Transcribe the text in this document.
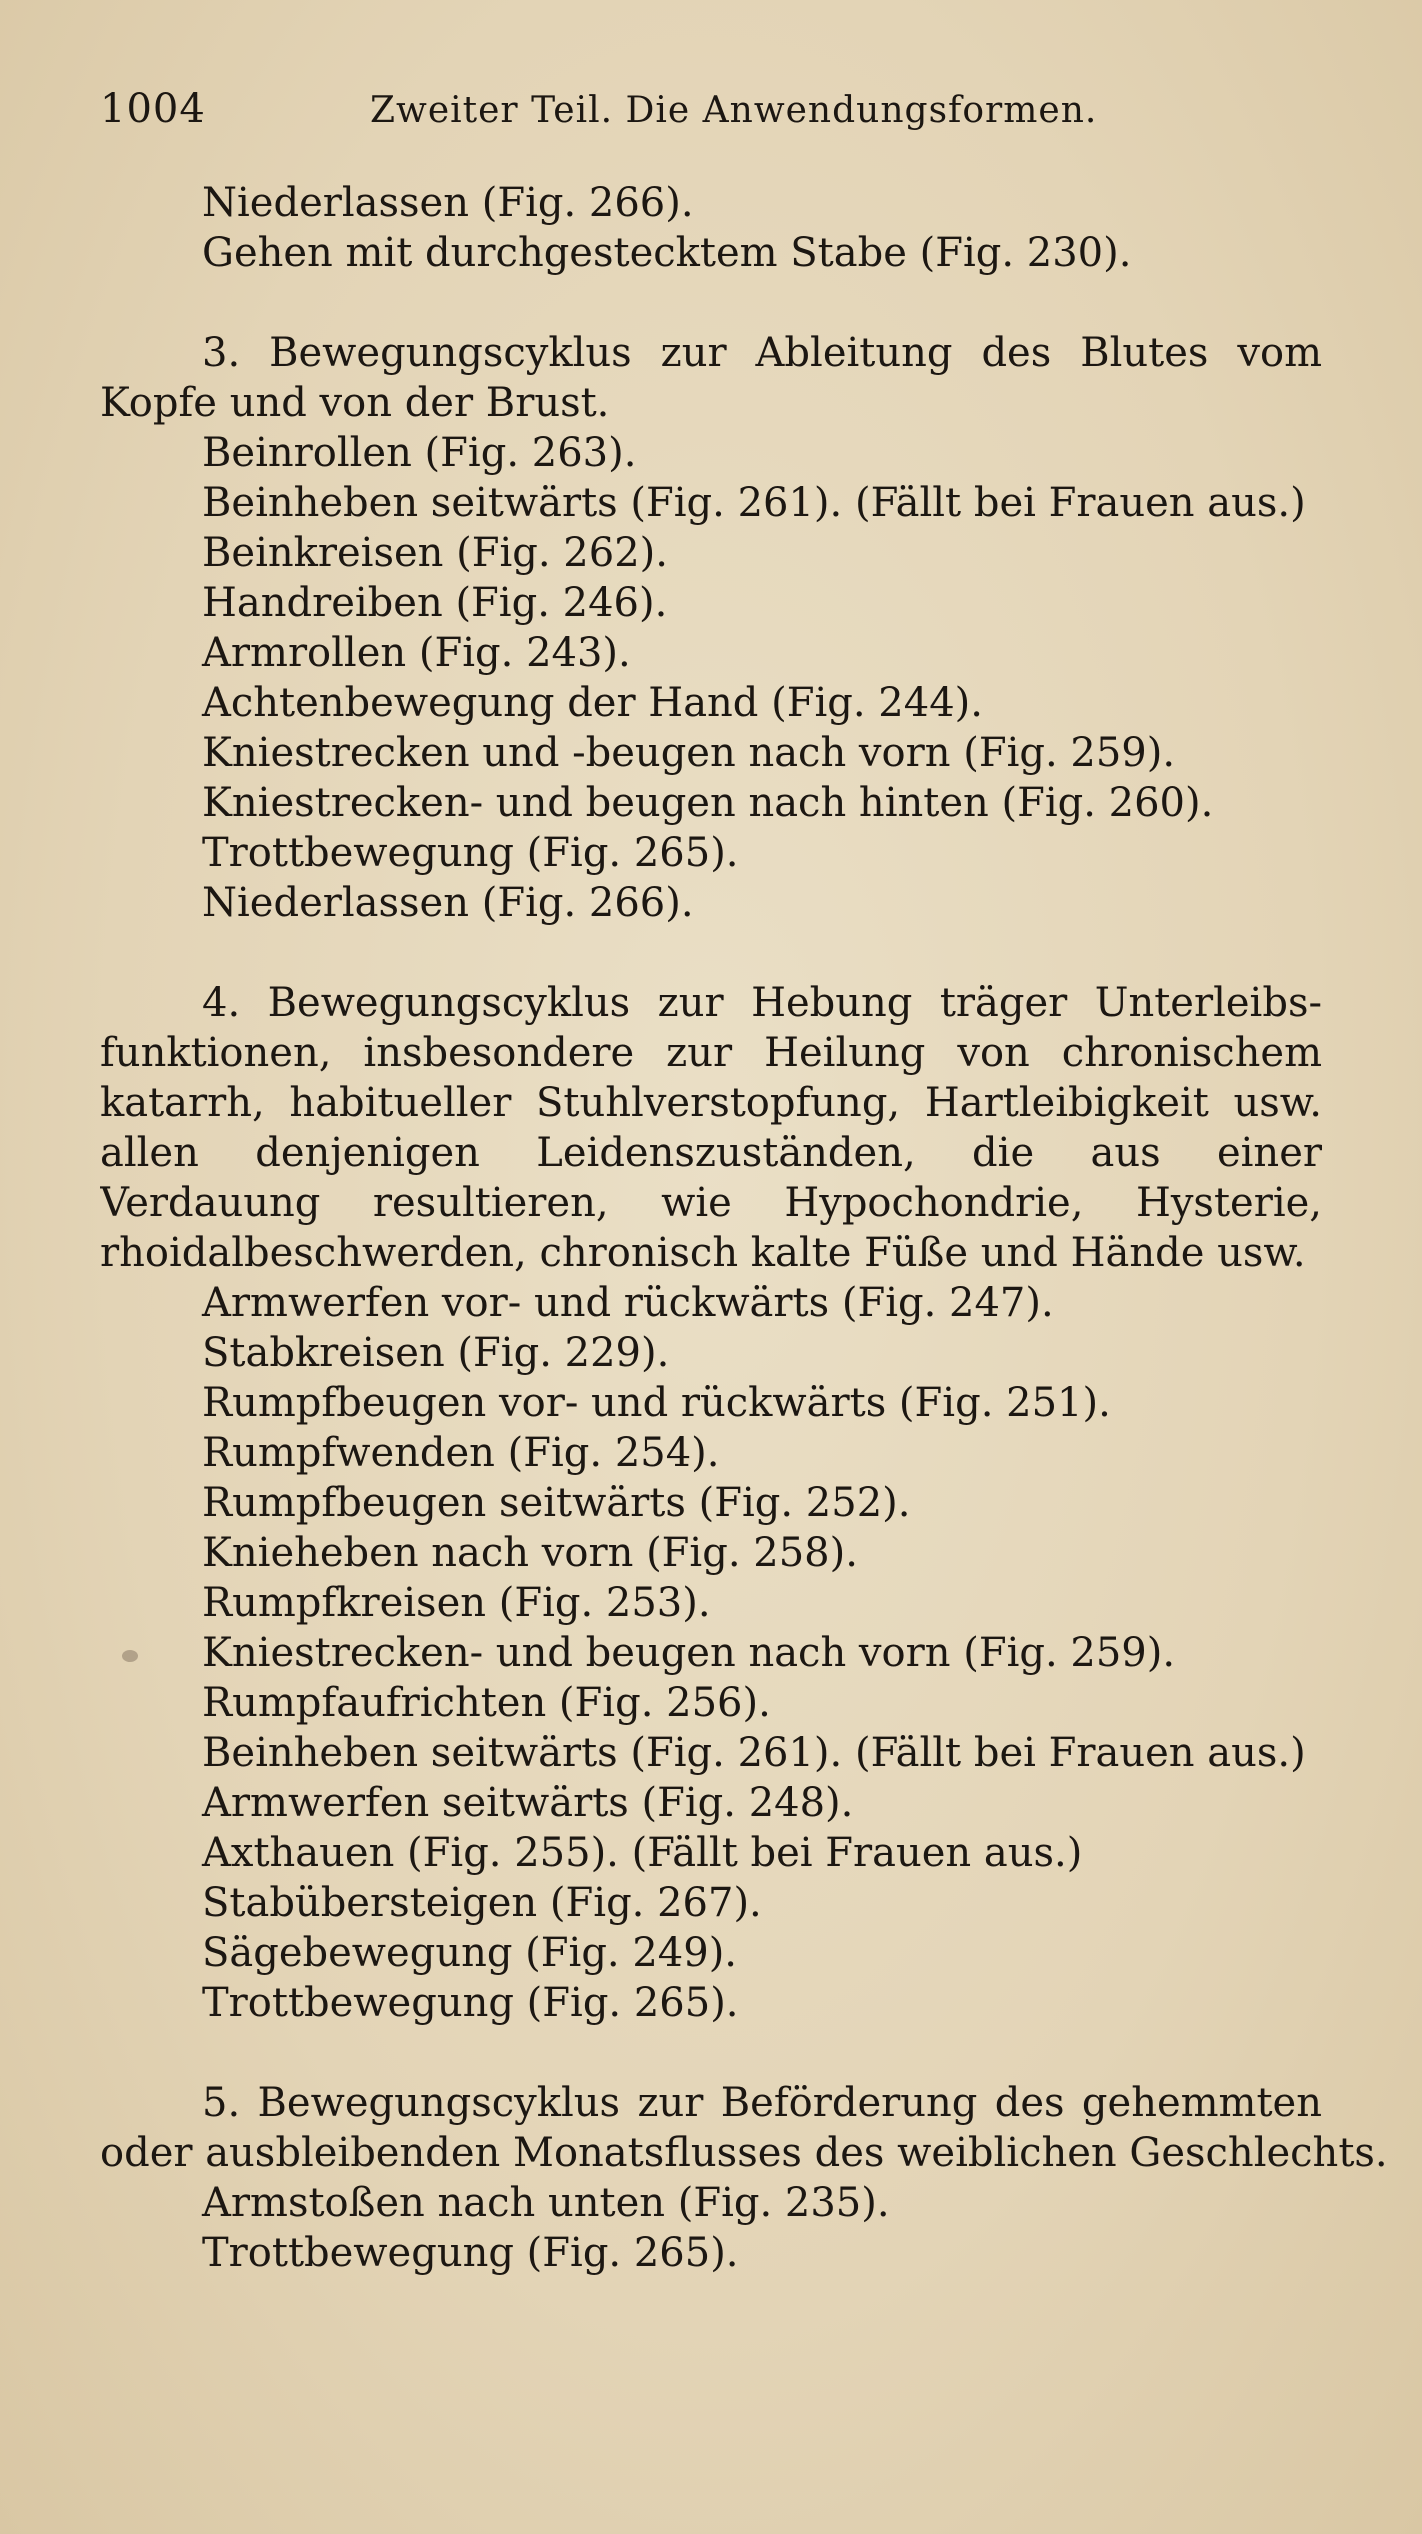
1004	Zweiter Teil. Die Anwendungsformen.
Niederlassen (Fig. 266).
Gehen mit durchgestecktem Stabe (Fig. 230).
3. Bewegungscyklus zur Ableitung des Blutes vom
Kopfe und von der Brust.
Beinrollen (Fig. 263).
Beinheben seitwärts (Fig. 261). (Fällt bei Frauen aus.)
Beinkreisen (Fig. 262).
Handreiben (Fig. 246).
Armrollen (Fig. 243).
Achtenbewegung der Hand (Fig. 244).
Kniestrecken und -beugen nach vorn (Fig. 259).
Kniestrecken- und beugen nach hinten (Fig. 260).
Trottbewegung (Fig. 265).
Niederlassen (Fig. 266).
4. Bewegungscyklus zur Hebung träger Unterleibs-
funktionen, insbesondere zur Heilung von chronischem
katarrh, habitueller Stuhlverstopfung, Hartleibigkeit usw.
allen denjenigen Leidenszuständen, die aus einer
Verdauung resultieren, wie Hypochondrie, Hysterie,
rhoidalbeschwerden, chronisch kalte Füße und Hände usw.
Armwerfen vor- und rückwärts (Fig. 247).
Stabkreisen (Fig. 229).
Rumpfbeugen vor- und rückwärts (Fig. 251).
Rumpfwenden (Fig. 254).
Rumpfbeugen seitwärts (Fig. 252).
Knieheben nach vorn (Fig. 258).
Rumpfkreisen (Fig. 253).
Kniestrecken- und beugen nach vorn (Fig. 259).
Rumpfaufrichten (Fig. 256).
Beinheben seitwärts (Fig. 261). (Fällt bei Frauen aus.)
Armwerfen seitwärts (Fig. 248).
Axthauen (Fig. 255). (Fällt bei Frauen aus.)
Stabübersteigen (Fig. 267).
Sägebewegung (Fig. 249).
Trottbewegung (Fig. 265).
5. Bewegungscyklus zur Beförderung des gehemmten
oder ausbleibenden Monatsflusses des weiblichen Geschlechts.
Armstoßen nach unten (Fig. 235).
Trottbewegung (Fig. 265).
